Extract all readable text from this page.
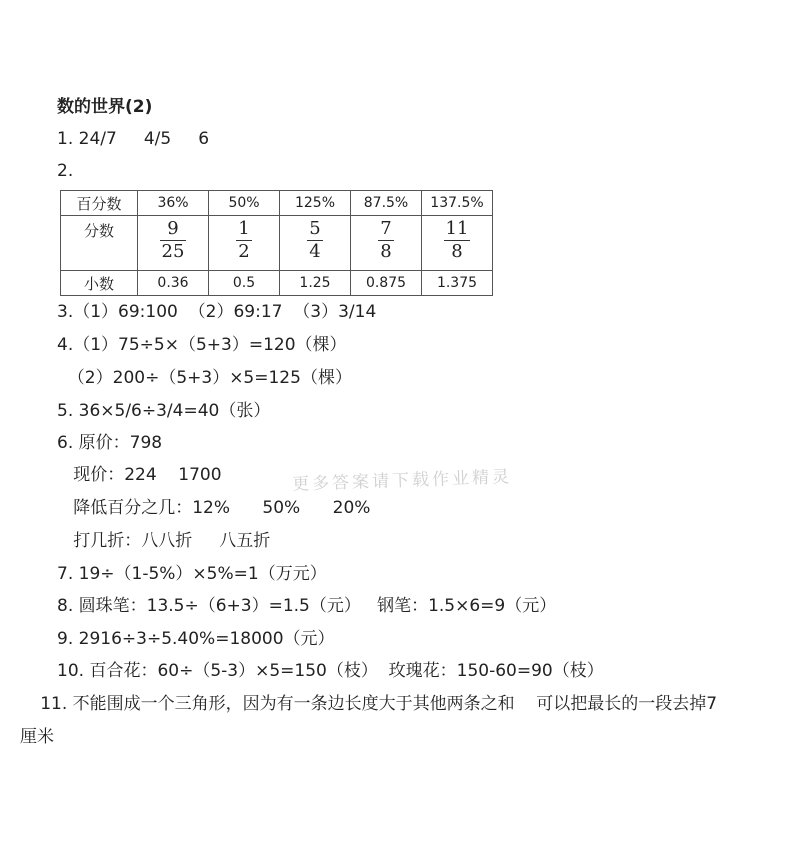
数的世界(2)
1. 24/7     4/5     6
2.
百分数	36%	50%	125%	87.5%	137.5%
分数	$\frac{9}{25}$	$\frac{1}{2}$	$\frac{5}{4}$	$\frac{7}{8}$	$\frac{11}{8}$

小数	0.36	0.5	1.25	0.875	1.375
3.（1）69:100  （2）69:17  （3）3/14
4.（1）75÷5×（5+3）=120（棵）
（2）200÷（5+3）×5=125（棵）
5. 36×5/6÷3/4=40（张）
6. 原价：798
现价：224    1700
降低百分之几：12%      50%      20%
打几折：八八折     八五折
7. 19÷（1-5%）×5%=1（万元）
8. 圆珠笔：13.5÷（6+3）=1.5（元）   钢笔：1.5×6=9（元）
9. 2916÷3÷5.40%=18000（元）
10. 百合花：60÷（5-3）×5=150（枝）  玫瑰花：150-60=90（枝）
11. 不能围成一个三角形，因为有一条边长度大于其他两条之和    可以把最长的一段去掉7
厘米
更多答案请下载作业精灵
